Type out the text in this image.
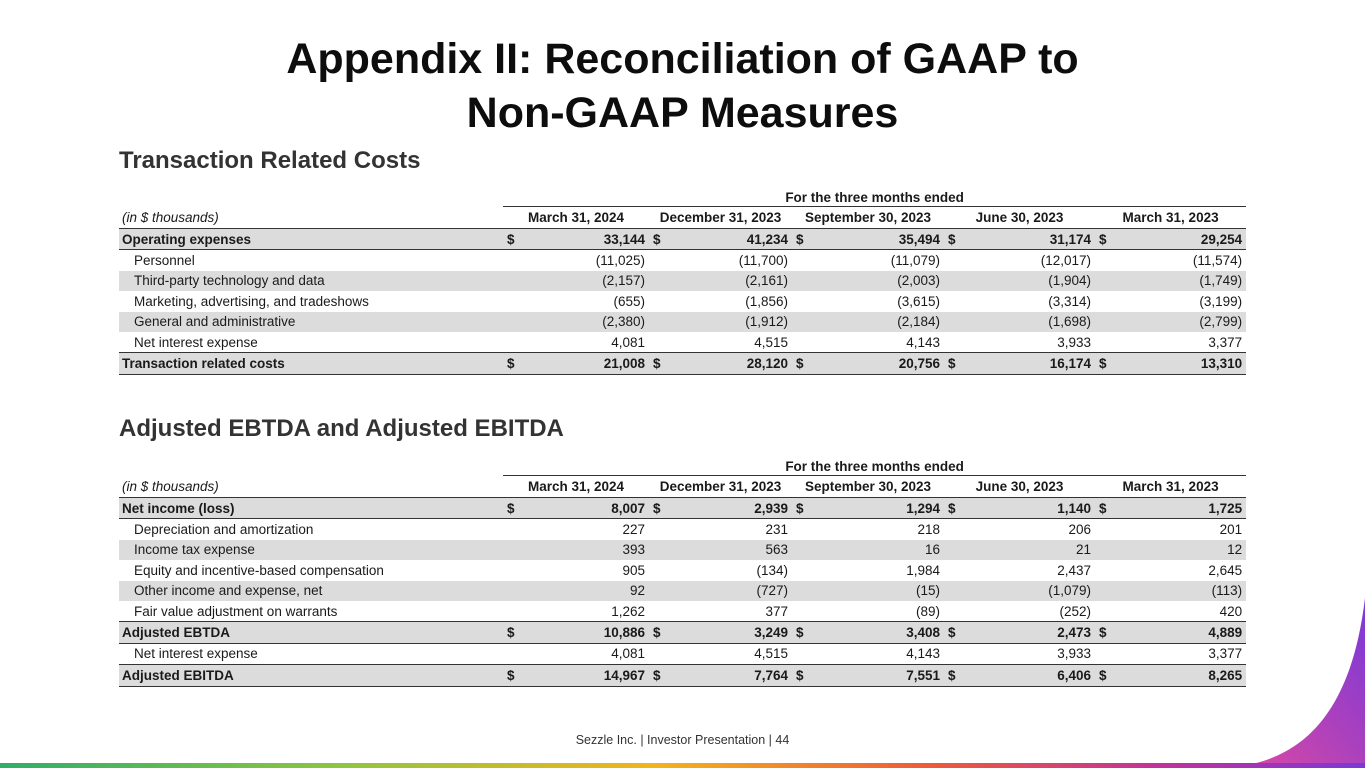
Appendix II: Reconciliation of GAAP to
Non-GAAP Measures
Transaction Related Costs
	For the three months ended									
(in $ thousands)	March 31, 2024		December 31, 2023		September 30, 2023		June 30, 2023		March 31, 2023	
Operating expenses	$	33,144	$	41,234	$	35,494	$	31,174	$	29,254
Personnel		(11,025)		(11,700)		(11,079)		(12,017)		(11,574)
Third-party technology and data		(2,157)		(2,161)		(2,003)		(1,904)		(1,749)
Marketing, advertising, and tradeshows		(655)		(1,856)		(3,615)		(3,314)		(3,199)
General and administrative		(2,380)		(1,912)		(2,184)		(1,698)		(2,799)
Net interest expense		4,081		4,515		4,143		3,933		3,377
Transaction related costs	$	21,008	$	28,120	$	20,756	$	16,174	$	13,310
Adjusted EBTDA and Adjusted EBITDA
	For the three months ended									
(in $ thousands)	March 31, 2024		December 31, 2023		September 30, 2023		June 30, 2023		March 31, 2023	
Net income (loss)	$	8,007	$	2,939	$	1,294	$	1,140	$	1,725
Depreciation and amortization		227		231		218		206		201
Income tax expense		393		563		16		21		12
Equity and incentive-based compensation		905		(134)		1,984		2,437		2,645
Other income and expense, net		92		(727)		(15)		(1,079)		(113)
Fair value adjustment on warrants		1,262		377		(89)		(252)		420
Adjusted EBTDA	$	10,886	$	3,249	$	3,408	$	2,473	$	4,889
Net interest expense		4,081		4,515		4,143		3,933		3,377
Adjusted EBITDA	$	14,967	$	7,764	$	7,551	$	6,406	$	8,265
Sezzle Inc. | Investor Presentation | 44
